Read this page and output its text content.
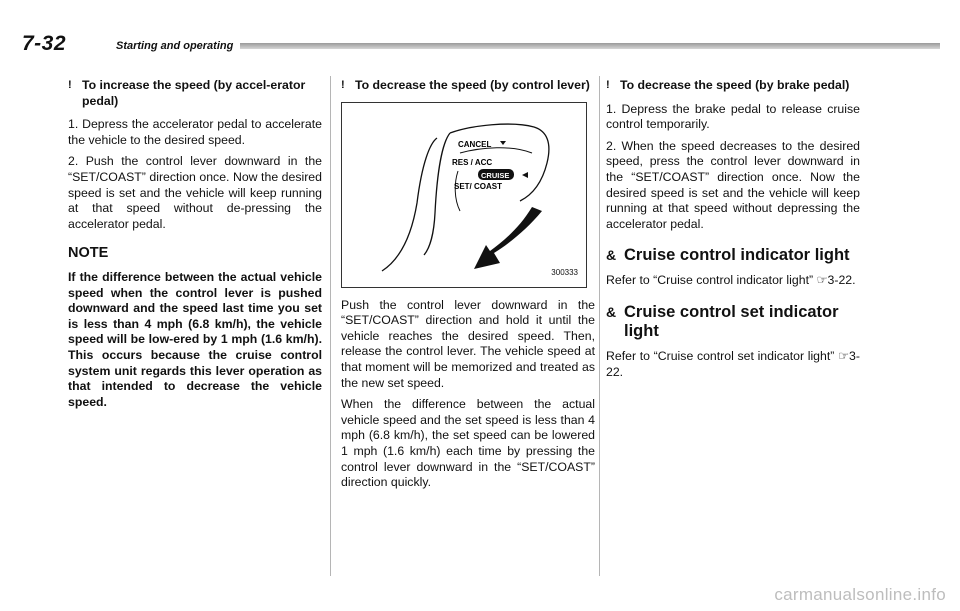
7-32	Starting and operating
! To increase the speed (by accel-erator pedal)

1. Depress the accelerator pedal to accelerate the vehicle to the desired speed.

2. Push the control lever downward in the “SET/COAST” direction once. Now the desired speed is set and the vehicle will keep running at that speed without de-pressing the accelerator pedal.

NOTE

If the difference between the actual vehicle speed when the control lever is pushed downward and the speed last time you set is less than 4 mph (6.8 km/h), the vehicle speed will be low-ered by 1 mph (1.6 km/h). This occurs because the cruise control system unit regards this lever operation as that intended to decrease the vehicle speed.

! To decrease the speed (by control lever)
CANCEL
RES / ACC
CRUISE
SET/ COAST
300333

Push the control lever downward in the “SET/COAST” direction and hold it until the vehicle reaches the desired speed. Then, release the control lever. The vehicle speed at that moment will be memorized and treated as the new set speed.

When the difference between the actual vehicle speed and the set speed is less than 4 mph (6.8 km/h), the set speed can be lowered 1 mph (1.6 km/h) each time by pressing the control lever downward in the “SET/COAST” direction quickly.

! To decrease the speed (by brake pedal)

1. Depress the brake pedal to release cruise control temporarily.

2. When the speed decreases to the desired speed, press the control lever downward in the “SET/COAST” direction once. Now the desired speed is set and the vehicle will keep running at that speed without depressing the accelerator pedal.

& Cruise control indicator light

Refer to “Cruise control indicator light” ☞3-22.

& Cruise control set indicator light

Refer to “Cruise control set indicator light” ☞3-22.

carmanualsonline.info
